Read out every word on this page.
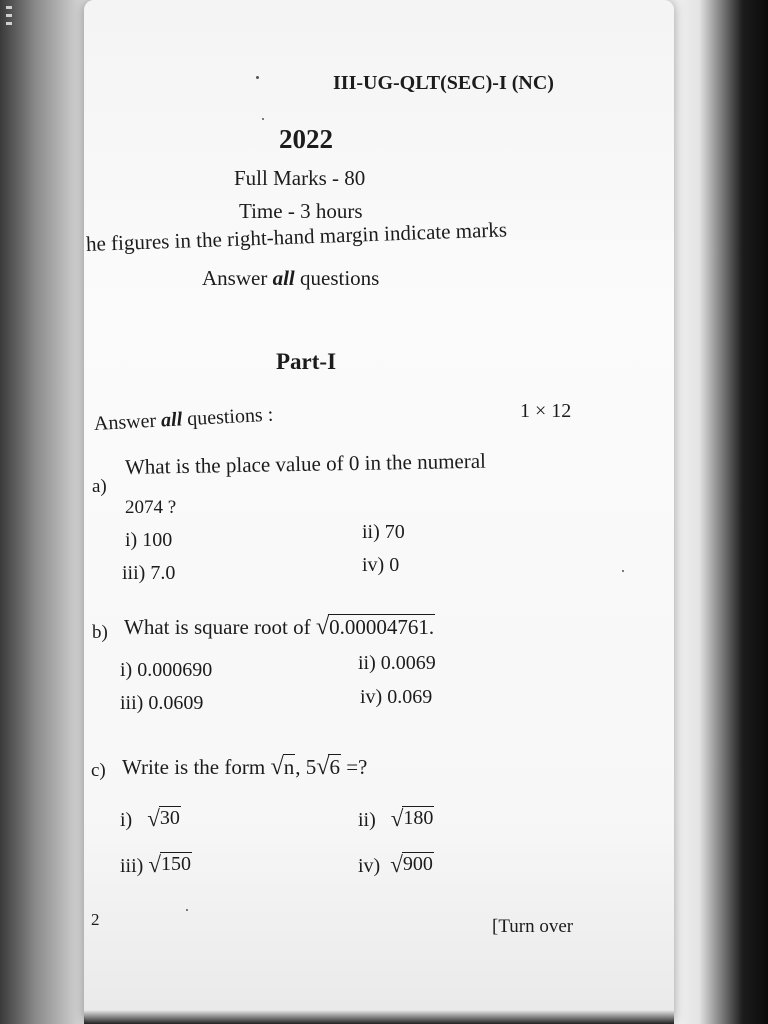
III-UG-QLT(SEC)-I (NC)
2022
Full Marks - 80
Time - 3 hours
he figures in the right-hand margin indicate marks
Answer all questions
Part-I
Answer all questions :	1 × 12
a)
What is the place value of 0 in the numeral
2074 ?
i) 100	ii) 70
iii) 7.0	iv) 0
b) What is square root of √ 0.00004761.
i) 0.000690	ii) 0.0069
iii) 0.0609	iv) 0.069
c) Write is the form √ n , 5 √ 6 =?
i) √ 30	ii) √ 180
iii) √ 150	iv) √ 900
2	[Turn over
